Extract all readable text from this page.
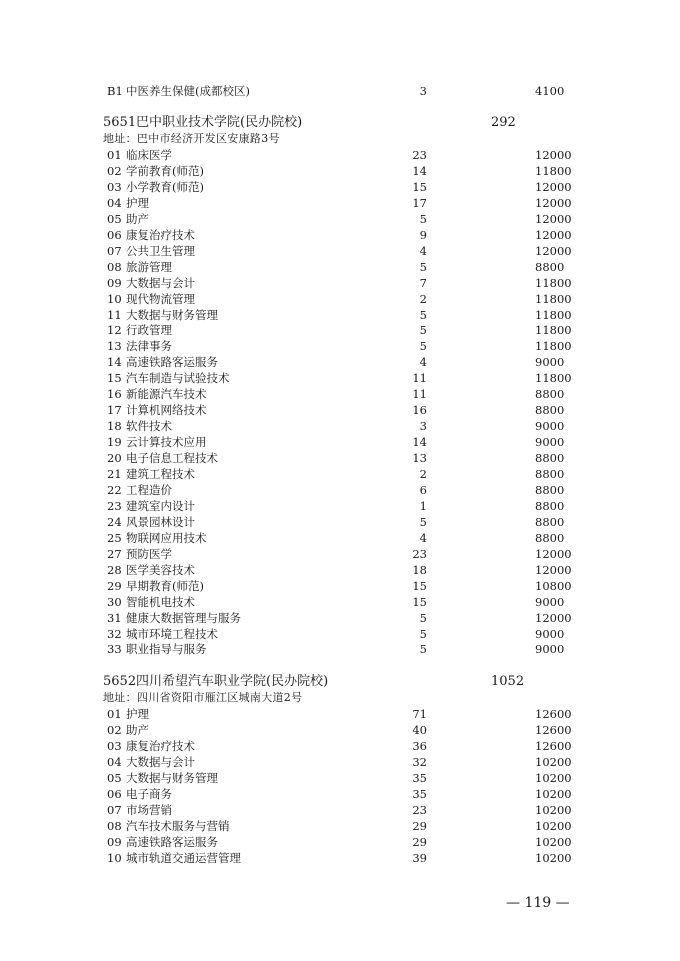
B1 中医养生保健(成都校区)	3	4100
5651 巴中职业技术学院(民办院校)	292
地址：巴中市经济开发区安康路3号
01 临床医学	23	12000
02 学前教育(师范)	14	11800
03 小学教育(师范)	15	12000
04 护理	17	12000
05 助产	5	12000
06 康复治疗技术	9	12000
07 公共卫生管理	4	12000
08 旅游管理	5	8800
09 大数据与会计	7	11800
10 现代物流管理	2	11800
11 大数据与财务管理	5	11800
12 行政管理	5	11800
13 法律事务	5	11800
14 高速铁路客运服务	4	9000
15 汽车制造与试验技术	11	11800
16 新能源汽车技术	11	8800
17 计算机网络技术	16	8800
18 软件技术	3	9000
19 云计算技术应用	14	9000
20 电子信息工程技术	13	8800
21 建筑工程技术	2	8800
22 工程造价	6	8800
23 建筑室内设计	1	8800
24 风景园林设计	5	8800
25 物联网应用技术	4	8800
27 预防医学	23	12000
28 医学美容技术	18	12000
29 早期教育(师范)	15	10800
30 智能机电技术	15	9000
31 健康大数据管理与服务	5	12000
32 城市环境工程技术	5	9000
33 职业指导与服务	5	9000
5652 四川希望汽车职业学院(民办院校)	1052
地址：四川省资阳市雁江区城南大道2号
01 护理	71	12600
02 助产	40	12600
03 康复治疗技术	36	12600
04 大数据与会计	32	10200
05 大数据与财务管理	35	10200
06 电子商务	35	10200
07 市场营销	23	10200
08 汽车技术服务与营销	29	10200
09 高速铁路客运服务	29	10200
10 城市轨道交通运营管理	39	10200
— 119 —
